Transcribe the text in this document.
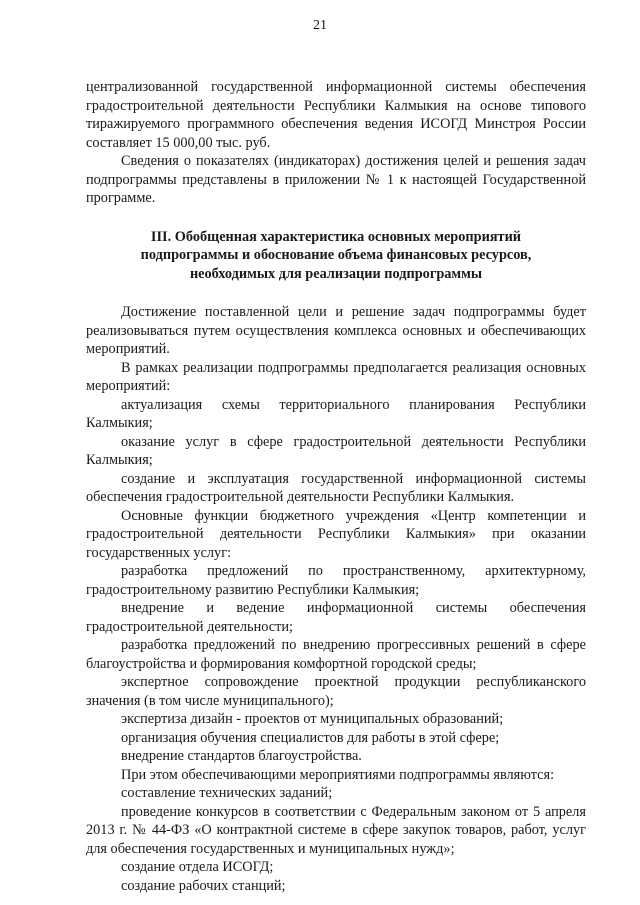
21

централизованной государственной информационной системы обеспечения градостроительной деятельности Республики Калмыкия на основе типового тиражируемого программного обеспечения ведения ИСОГД Минстроя России составляет 15 000,00 тыс. руб.

Сведения о показателях (индикаторах) достижения целей и решения задач подпрограммы представлены в приложении № 1 к настоящей Государственной программе.

III. Обобщенная характеристика основных мероприятий
подпрограммы и обоснование объема финансовых ресурсов,
необходимых для реализации подпрограммы

Достижение поставленной цели и решение задач подпрограммы будет реализовываться путем осуществления комплекса основных и обеспечивающих мероприятий.

В рамках реализации подпрограммы предполагается реализация основных мероприятий:

актуализация схемы территориального планирования Республики Калмыкия;

оказание услуг в сфере градостроительной деятельности Республики Калмыкия;

создание и эксплуатация государственной информационной системы обеспечения градостроительной деятельности Республики Калмыкия.

Основные функции бюджетного учреждения «Центр компетенции и градостроительной деятельности Республики Калмыкия» при оказании государственных услуг:

разработка предложений по пространственному, архитектурному, градостроительному развитию Республики Калмыкия;

внедрение и ведение информационной системы обеспечения градостроительной деятельности;

разработка предложений по внедрению прогрессивных решений в сфере благоустройства и формирования комфортной городской среды;

экспертное сопровождение проектной продукции республиканского значения (в том числе муниципального);

экспертиза дизайн - проектов от муниципальных образований;

организация обучения специалистов для работы в этой сфере;

внедрение стандартов благоустройства.

При этом обеспечивающими мероприятиями подпрограммы являются:

составление технических заданий;

проведение конкурсов в соответствии с Федеральным законом от 5 апреля 2013 г. № 44-ФЗ «О контрактной системе в сфере закупок товаров, работ, услуг для обеспечения государственных и муниципальных нужд»;

создание отдела ИСОГД;

создание рабочих станций;
